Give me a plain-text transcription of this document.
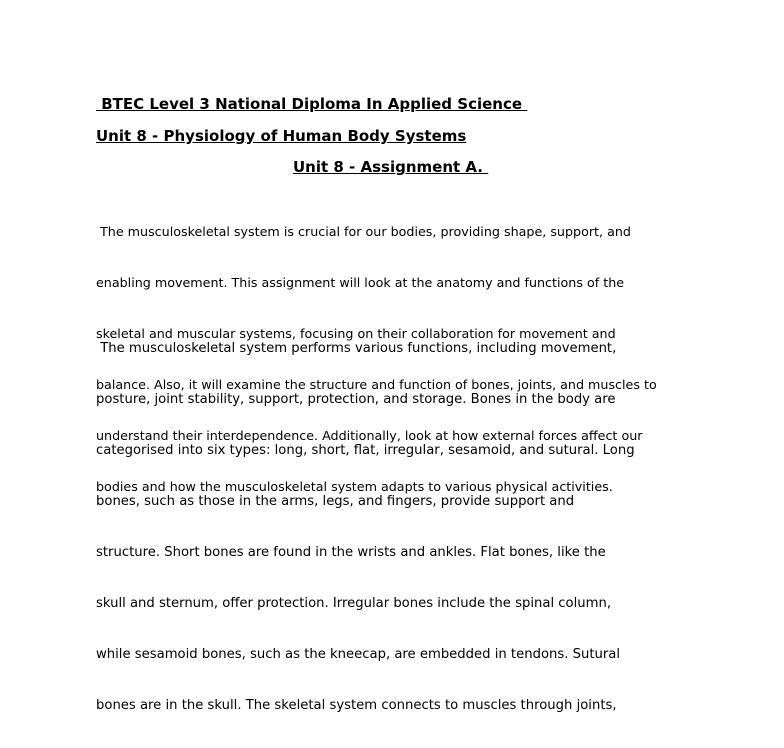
BTEC Level 3 National Diploma In Applied Science
Unit 8 - Physiology of Human Body Systems
Unit 8 - Assignment A.

The musculoskeletal system is crucial for our bodies, providing shape, support, and

enabling movement. This assignment will look at the anatomy and functions of the

skeletal and muscular systems, focusing on their collaboration for movement and

balance. Also, it will examine the structure and function of bones, joints, and muscles to

understand their interdependence. Additionally, look at how external forces affect our

bodies and how the musculoskeletal system adapts to various physical activities.

The musculoskeletal system performs various functions, including movement,

posture, joint stability, support, protection, and storage. Bones in the body are

categorised into six types: long, short, flat, irregular, sesamoid, and sutural. Long

bones, such as those in the arms, legs, and fingers, provide support and

structure. Short bones are found in the wrists and ankles. Flat bones, like the

skull and sternum, offer protection. Irregular bones include the spinal column,

while sesamoid bones, such as the kneecap, are embedded in tendons. Sutural

bones are in the skull. The skeletal system connects to muscles through joints,
